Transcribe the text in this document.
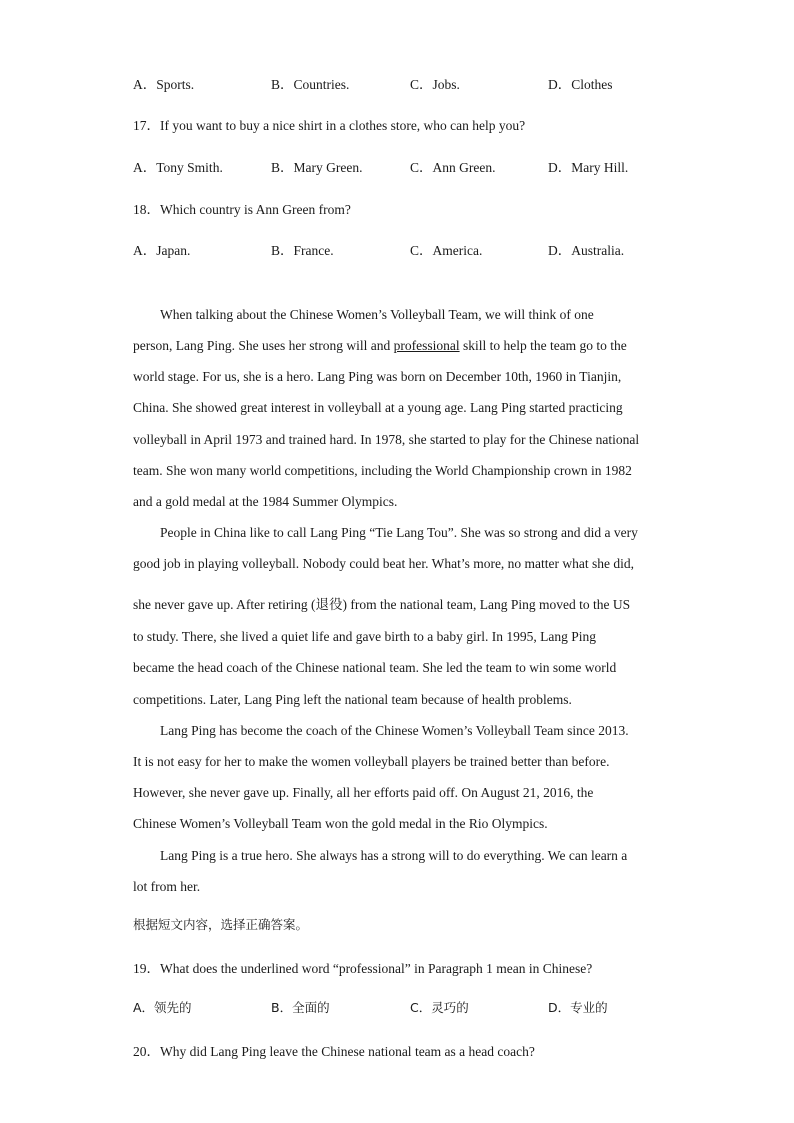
A．Sports.	B．Countries.	C．Jobs.	D．Clothes
17．If you want to buy a nice shirt in a clothes store, who can help you?
A．Tony Smith.	B．Mary Green.	C．Ann Green.	D．Mary Hill.
18．Which country is Ann Green from?
A．Japan.	B．France.	C．America.	D．Australia.
When talking about the Chinese Women’s Volleyball Team, we will think of one
person, Lang Ping. She uses her strong will and professional skill to help the team go to the
world stage. For us, she is a hero. Lang Ping was born on December 10th, 1960 in Tianjin,
China. She showed great interest in volleyball at a young age. Lang Ping started practicing
volleyball in April 1973 and trained hard. In 1978, she started to play for the Chinese national
team. She won many world competitions, including the World Championship crown in 1982
and a gold medal at the 1984 Summer Olympics.
People in China like to call Lang Ping “Tie Lang Tou”. She was so strong and did a very
good job in playing volleyball. Nobody could beat her. What’s more, no matter what she did,
she never gave up. After retiring (退役) from the national team, Lang Ping moved to the US
to study. There, she lived a quiet life and gave birth to a baby girl. In 1995, Lang Ping
became the head coach of the Chinese national team. She led the team to win some world
competitions. Later, Lang Ping left the national team because of health problems.
Lang Ping has become the coach of the Chinese Women’s Volleyball Team since 2013.
It is not easy for her to make the women volleyball players be trained better than before.
However, she never gave up. Finally, all her efforts paid off. On August 21, 2016, the
Chinese Women’s Volleyball Team won the gold medal in the Rio Olympics.
Lang Ping is a true hero. She always has a strong will to do everything. We can learn a
lot from her.
根据短文内容，选择正确答案。
19．What does the underlined word “professional” in Paragraph 1 mean in Chinese?
A．领先的	B．全面的	C．灵巧的	D．专业的
20．Why did Lang Ping leave the Chinese national team as a head coach?
